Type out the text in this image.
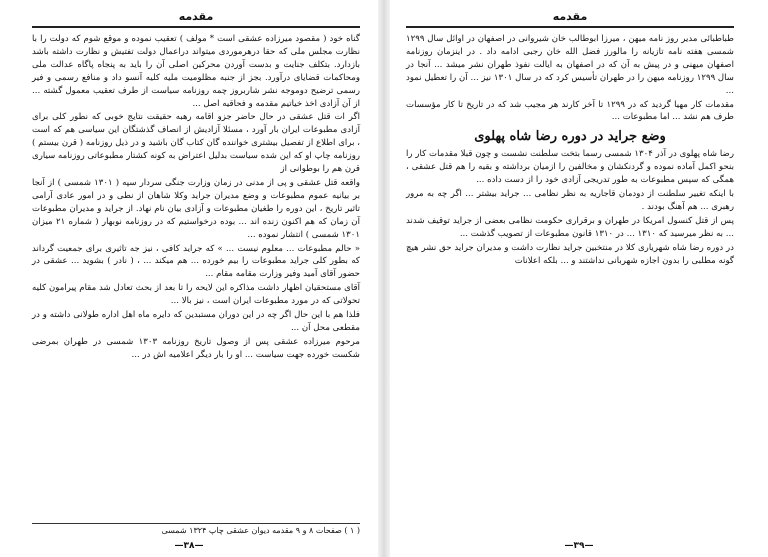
مقدمه

گناه خود ( مقصود میرزاده عشقی است * مولف ) تعقیب نموده و موقع شوم که دولت را با نظارت مجلس ملی که حقا درهرموردی میتواند دراعمال دولت تفتیش و نظارت داشته باشد بازدارد. بتکلف جنایت و بدست آوردن محرکین اصلی آن را باید به پنجاه پاگاه عدالت ملی ومحاکمات قضایای درآورد. بجز از جنبه مظلومیت ملیه کلیه آنسو داد و منافع رسمی و فیر رسمی ترضیح دوموجه نشر شاربروز چمه روزنامه سیاست از طرف تعقیب معمول گشته ... از آن آزادی اخذ خیاتیم مقدمه و فحاقیه اصل ...

اگر ات قتل عشقی در حال حاضر جزو اقامه رهبه حقیقت نتایج خوبی که نطور کلی برای آزادی مطبوعات ایران بار آورد ، مسئلا آزادیش از انصاف گذشتگان این سیاسی هم که است ، برای اطلاع از تفصیل بیشتری خواننده گان کتاب گان باشید و در ذیل روزنامه ( قرن بیستم ) روزنامه چاپ او که این شده سیاست بدلیل اعتراض به کونه کشتار مطبوعاتی روزنامه سیاری قرن هم را بوطوانی از

واقعه قتل عشقی و پی از مدنی در زمان وزارت جنگی سردار سپه ( ۱۳۰۱ شمسی ) از آنجا بر بیانیه عموم مطبوعات و وضع مدیران جراید وکلا شاهان از نطی و در امور عادی آرامی تاثیر تاریخ ، این دوره را طغیان مطبوعات و آزادی بیان نام نهاد. از جراید و مدیران مطبوعات آن زمان که هم اکنون زنده اند ... بوده درخواستیم که در روزنامه نوبهار ( شماره ۲۱ میزان ۱۳۰۱ شمسی ) انتشار نموده ...

« حالم مطبوعات ... معلوم نیست ... » که جراید کافی ، نیز جه تاثیری برای جمعیت گرداند که بطور کلی جراید مطبوعات را بیم خورده ... هم میکند ... ، ( نادر ) بشوید ... عشقی در حضور آقای آمید وفیر وزارت مقامه مقام ...

آقای مستحقیان اظهار داشت مذاکره این لایحه را تا بعد از بحث تعادل شد مقام پیرامون کلیه تحولاتی که در مورد مطبوعات ایران است ، نیز بالا ...

فلذا هم با این حال اگر چه در این دوران مستبدین که دایره ماه اهل اداره طولانی داشته و در مقطعی محل آن ...

مرحوم میرزاده عشقی پس از وصول تاریخ روزنامه ۱۳۰۳ شمسی در طهران بمرضی شکست خورده جهت سیاست ... او را بار دیگر اعلامیه اش در ...

( ۱ ) صفحات ۸ و ۹ مقدمه دیوان عشقی چاپ ۱۳۲۴ شمسی
—۳۸—
مقدمه

طباطبائی مدیر روز نامه میهن ، میرزا ابوطالب خان شیروانی در اصفهان در اوائل سال ۱۲۹۹ شمسی هفته نامه تازیانه را مالورز فضل الله خان رجبی ادامه داد . در اینزمان روزنامه اصفهان میهنی و در پیش به آن که در اصفهان به ایالت نفوذ طهران نشر میشد ... آنجا در سال ۱۲۹۹ روزنامه میهن را در طهران تأسیس کرد که در سال ۱۳۰۱ نیز ... آن را تعطیل نمود ...

مقدمات کار مهیا گردید که در ۱۲۹۹ تا آخر کارند هر مجیب شد که در تاریخ تا کار مؤسسات طرف هم نشد ... اما مطبوعات ...

وضع جراید در دوره رضا شاه پهلوی

رضا شاه پهلوی در آذر ۱۳۰۴ شمسی رسما بتخت سلطنت نشست و چون قبلا مقدمات کار را بنحو اکمل آماده نموده و گردنکشان و مخالفین را ازمیان برداشته و بقیه را هم قتل عشقی ، همگی که سپس مطبوعات به طور تدریجی آزادی خود را از دست داده ...

با اینکه تغییر سلطنت از دودمان قاجاریه به نظر نظامی ... جراید بیشتر ... اگر چه به مرور رهبری ... هم آهنگ بودند .

پس از قتل کنسول امریکا در طهران و برقراری حکومت نظامی بعضی از جراید توقیف شدند ... به نظر میرسید که ۱۳۱۰ ... در ۱۳۱۰ قانون مطبوعات از تصویب گذشت ...

در دوره رضا شاه شهریاری کلا در منتخبین جراید نظارت داشت و مدیران جراید حق نشر هیچ گونه مطلبی را بدون اجازه شهربانی نداشتند و ... بلکه اعلانات

—۳۹—
